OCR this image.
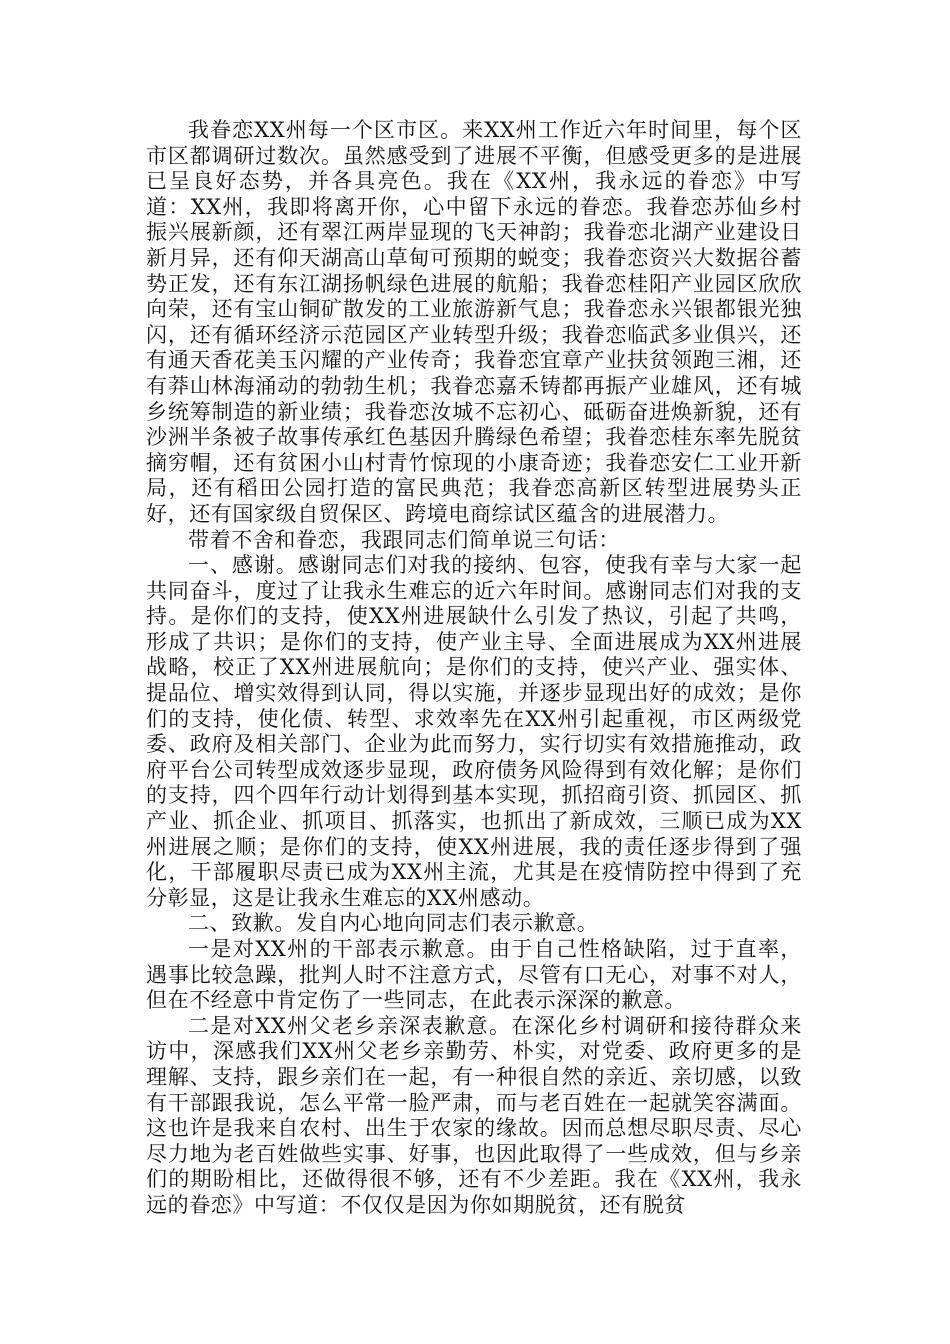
我眷恋XX州每一个区市区。来XX州工作近六年时间里，每个区市区都调研过数次。虽然感受到了进展不平衡，但感受更多的是进展已呈良好态势，并各具亮色。我在《XX州，我永远的眷恋》中写道：XX州，我即将离开你，心中留下永远的眷恋。我眷恋苏仙乡村振兴展新颜，还有翠江两岸显现的飞天神韵；我眷恋北湖产业建设日新月异，还有仰天湖高山草甸可预期的蜕变；我眷恋资兴大数据谷蓄势正发，还有东江湖扬帆绿色进展的航船；我眷恋桂阳产业园区欣欣向荣，还有宝山铜矿散发的工业旅游新气息；我眷恋永兴银都银光独闪，还有循环经济示范园区产业转型升级；我眷恋临武多业俱兴，还有通天香花美玉闪耀的产业传奇；我眷恋宜章产业扶贫领跑三湘，还有莽山林海涌动的勃勃生机；我眷恋嘉禾铸都再振产业雄风，还有城乡统筹制造的新业绩；我眷恋汝城不忘初心、砥砺奋进焕新貌，还有沙洲半条被子故事传承红色基因升腾绿色希望；我眷恋桂东率先脱贫摘穷帽，还有贫困小山村青竹惊现的小康奇迹；我眷恋安仁工业开新局，还有稻田公园打造的富民典范；我眷恋高新区转型进展势头正好，还有国家级自贸保区、跨境电商综试区蕴含的进展潜力。

带着不舍和眷恋，我跟同志们简单说三句话：

一、感谢。感谢同志们对我的接纳、包容，使我有幸与大家一起共同奋斗，度过了让我永生难忘的近六年时间。感谢同志们对我的支持。是你们的支持，使XX州进展缺什么引发了热议，引起了共鸣，形成了共识；是你们的支持，使产业主导、全面进展成为XX州进展战略，校正了XX州进展航向；是你们的支持，使兴产业、强实体、提品位、增实效得到认同，得以实施，并逐步显现出好的成效；是你们的支持，使化债、转型、求效率先在XX州引起重视，市区两级党委、政府及相关部门、企业为此而努力，实行切实有效措施推动，政府平台公司转型成效逐步显现，政府债务风险得到有效化解；是你们的支持，四个四年行动计划得到基本实现，抓招商引资、抓园区、抓产业、抓企业、抓项目、抓落实，也抓出了新成效，三顺已成为XX州进展之顺；是你们的支持，使XX州进展，我的责任逐步得到了强化，干部履职尽责已成为XX州主流，尤其是在疫情防控中得到了充分彰显，这是让我永生难忘的XX州感动。

二、致歉。发自内心地向同志们表示歉意。

一是对XX州的干部表示歉意。由于自己性格缺陷，过于直率，遇事比较急躁，批判人时不注意方式，尽管有口无心，对事不对人，但在不经意中肯定伤了一些同志，在此表示深深的歉意。

二是对XX州父老乡亲深表歉意。在深化乡村调研和接待群众来访中，深感我们XX州父老乡亲勤劳、朴实，对党委、政府更多的是理解、支持，跟乡亲们在一起，有一种很自然的亲近、亲切感，以致有干部跟我说，怎么平常一脸严肃，而与老百姓在一起就笑容满面。这也许是我来自农村、出生于农家的缘故。因而总想尽职尽责、尽心尽力地为老百姓做些实事、好事，也因此取得了一些成效，但与乡亲们的期盼相比，还做得很不够，还有不少差距。我在《XX州，我永远的眷恋》中写道：不仅仅是因为你如期脱贫，还有脱贫
